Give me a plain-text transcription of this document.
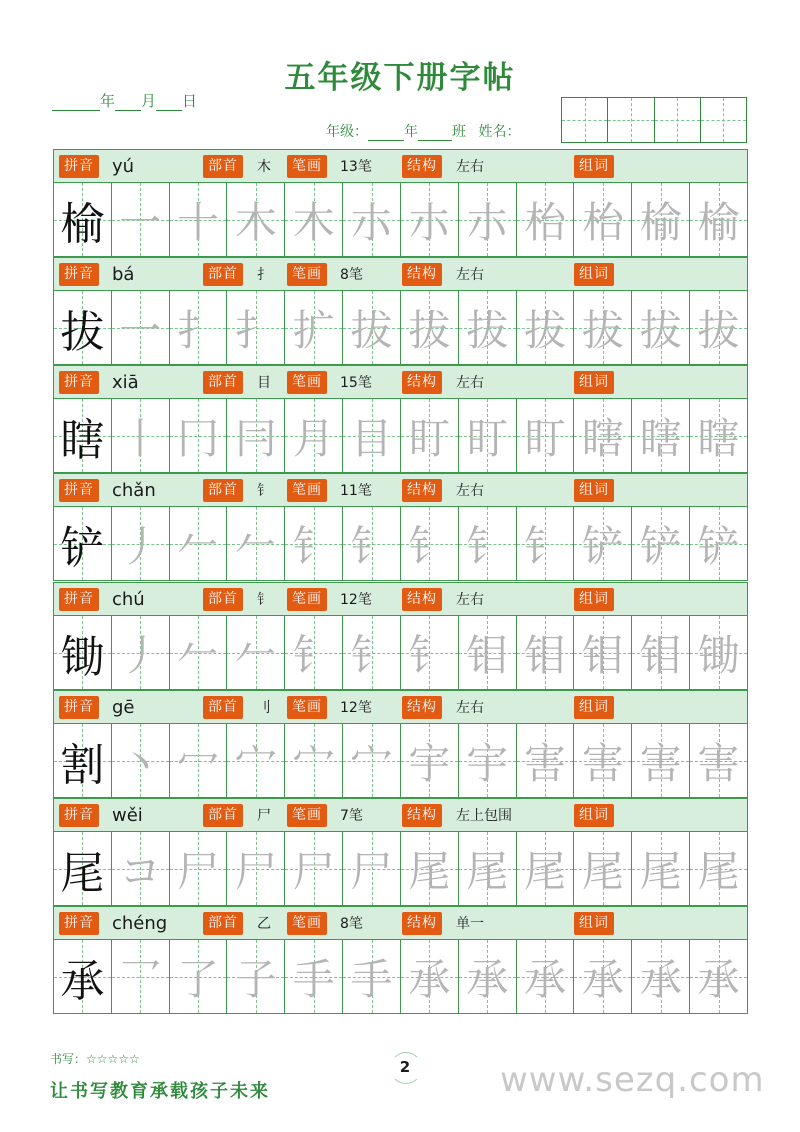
五年级下册字帖
年 月 日
年级：	年 班 姓名：
拼音 yú	部首	木	笔画	13笔	结构	左右	组词
榆 一 十 木 木 朩 朩 朩 枱 枱 榆 榆
拼音 bá	部首	扌	笔画	8笔	结构	左右	组词
拔 一 扌 扌 扩 拔 拔 拔 拔 拔 拔 拔
拼音 xiā	部首	目	笔画	15笔	结构	左右	组词
瞎 丨 冂 冃 月 目 盯 盯 盯 瞎 瞎 瞎
拼音 chǎn	部首	钅	笔画	11笔	结构	左右	组词
铲 丿 𠂉 𠂉 钅 钅 钅 钅 钅 铲 铲 铲
拼音 chú	部首	钅	笔画	12笔	结构	左右	组词
锄 丿 𠂉 𠂉 钅 钅 钅 钼 钼 钼 钼 锄
拼音 gē	部首	刂	笔画	12笔	结构	左右	组词
割 丶 冖 宀 宀 宀 宇 宇 害 害 害 害
拼音 wěi	部首	尸	笔画	7笔	结构	左上包围	组词
尾 コ 尸 尸 尸 尸 尾 尾 尾 尾 尾 尾
拼音 chéng	部首	乙	笔画	8笔	结构	单一	组词
承 乛 了 子 手 手 承 承 承 承 承 承
书写：☆☆☆☆☆
让书写教育承载孩子未来
2	www.sezq.com
